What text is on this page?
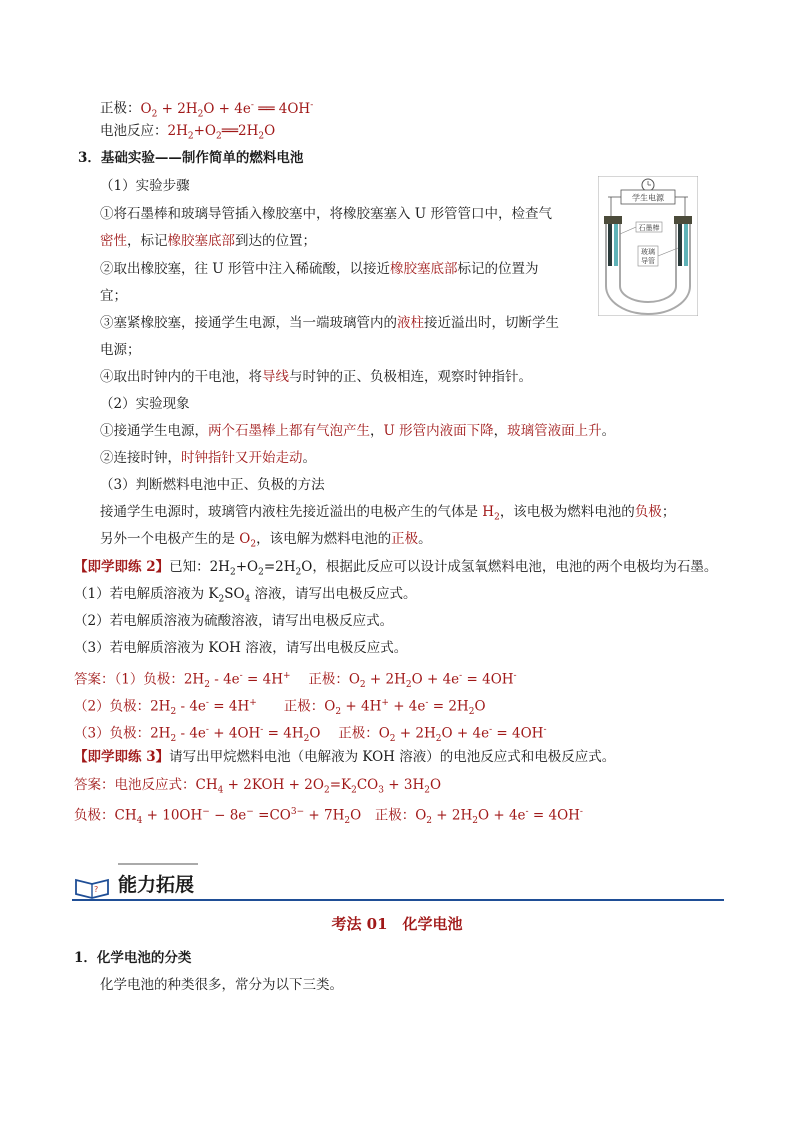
正极：$O_2 + 2H_2O + 4e^-$ ══ 4OH-
电池反应：$2H_2+O_2══2H_2O$
3．基础实验——制作简单的燃料电池
（1）实验步骤
①将石墨棒和玻璃导管插入橡胶塞中，将橡胶塞塞入 U 形管管口中，检查气
密性，标记橡胶塞底部到达的位置；
②取出橡胶塞，往 U 形管中注入稀硫酸，以接近橡胶塞底部标记的位置为
宜；
③塞紧橡胶塞，接通学生电源，当一端玻璃管内的液柱接近溢出时，切断学生
电源；
④取出时钟内的干电池，将导线与时钟的正、负极相连，观察时钟指针。
（2）实验现象
①接通学生电源，两个石墨棒上都有气泡产生，U 形管内液面下降，玻璃管液面上升。
②连接时钟，时钟指针又开始走动。
（3）判断燃料电池中正、负极的方法
接通学生电源时，玻璃管内液柱先接近溢出的电极产生的气体是 $H_2$，该电极为燃料电池的负极；
另外一个电极产生的是 $O_2$，该电解为燃料电池的正极。
【即学即练 2】已知：$2H_2+O_2=2H_2O$，根据此反应可以设计成氢氧燃料电池，电池的两个电极均为石墨。
（1）若电解质溶液为 $K_2SO_4$ 溶液，请写出电极反应式。
（2）若电解质溶液为硫酸溶液，请写出电极反应式。
（3）若电解质溶液为 KOH 溶液，请写出电极反应式。
答案：（1）负极：$2H_2 - 4e^- = 4H^+$　 正极：$O_2 + 2H_2O + 4e^- = 4OH^-$
（2）负极：$2H_2 - 4e^- = 4H^+$　　正极：$O_2 + 4H^+ + 4e^- = 2H_2O$
（3）负极：$2H_2 - 4e^- + 4OH^- = 4H_2O$　 正极：$O_2 + 2H_2O + 4e^- = 4OH^-$
【即学即练 3】请写出甲烷燃料电池（电解液为 KOH 溶液）的电池反应式和电极反应式。
答案：电池反应式：$CH_4 + 2KOH + 2O_2=K_2CO_3 + 3H_2O$
负极：$CH_4 + 10OH^- - 8e^- =CO^{3-} + 7H_2O$　正极：$O_2 + 2H_2O + 4e^- = 4OH^-$
学生电源
石墨棒
玻璃
导管
? 能力拓展
考法 01　化学电池
1．化学电池的分类
化学电池的种类很多，常分为以下三类。
